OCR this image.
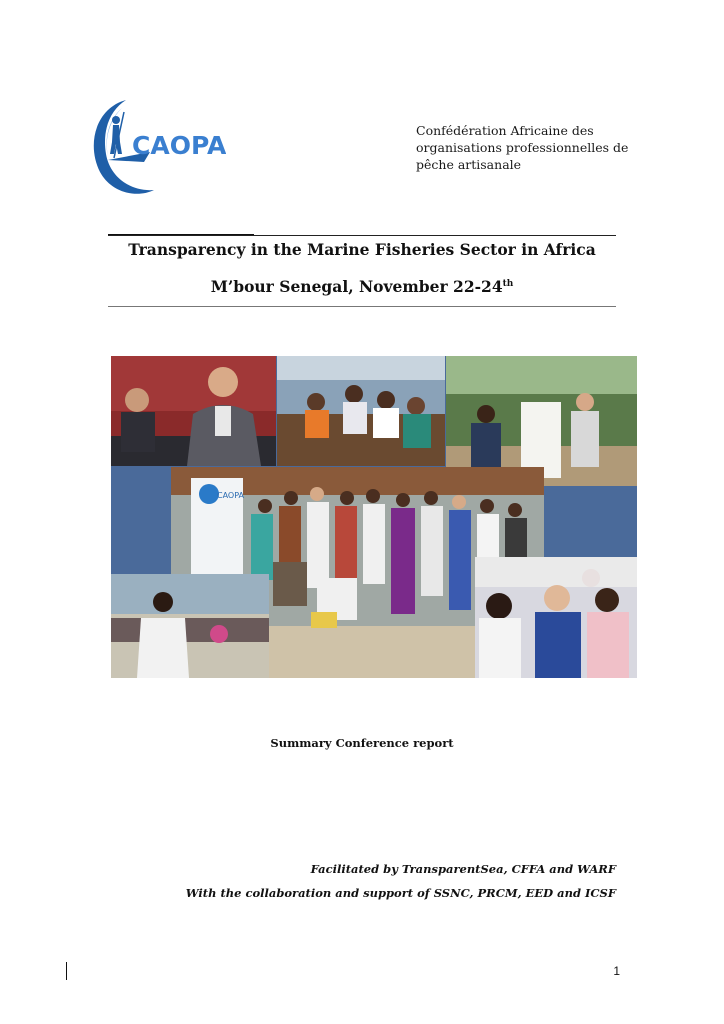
CAOPA
Confédération Africaine des
organisations professionnelles de
pêche artisanale
Transparency in the Marine Fisheries Sector in Africa
M’bour Senegal, November 22-24th
CAOPA
Summary Conference report
Facilitated by TransparentSea, CFFA and WARF
With the collaboration and support of SSNC, PRCM, EED and ICSF
1
